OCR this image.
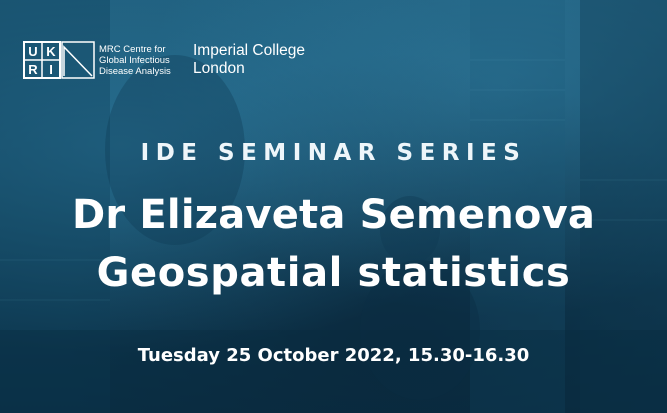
U K
R I
MRC Centre for
Global Infectious
Disease Analysis
Imperial College
London
IDE SEMINAR SERIES
Dr Elizaveta Semenova
Geospatial statistics
Tuesday 25 October 2022, 15.30-16.30
